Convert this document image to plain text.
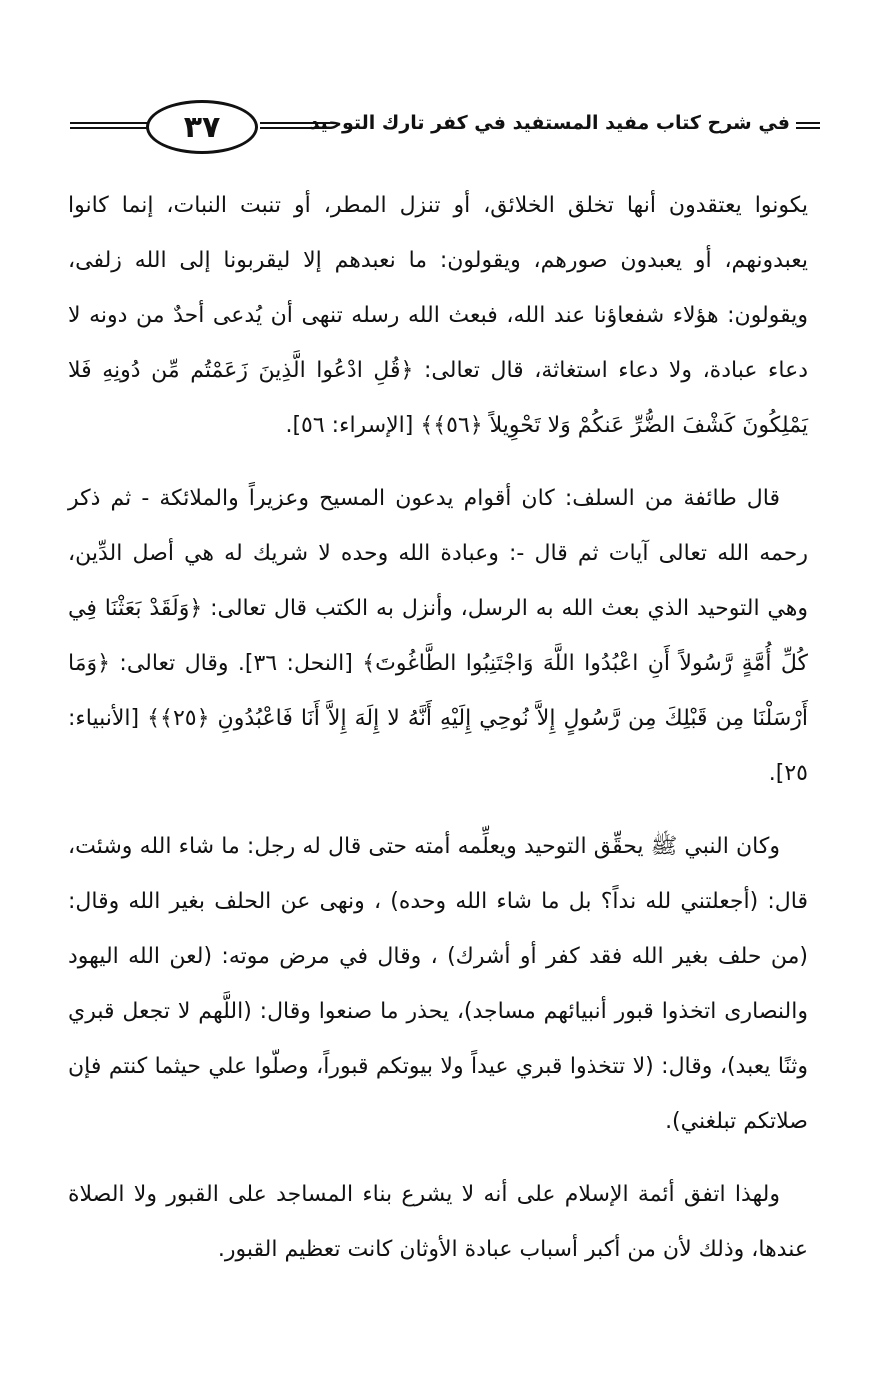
٣٧	في شرح كتاب مفيد المستفيد في كفر تارك التوحيد

يكونوا يعتقدون أنها تخلق الخلائق، أو تنزل المطر، أو تنبت النبات، إنما كانوا يعبدونهم، أو يعبدون صورهم، ويقولون: ما نعبدهم إلا ليقربونا إلى الله زلفى، ويقولون: هؤلاء شفعاؤنا عند الله، فبعث الله رسله تنهى أن يُدعى أحدٌ من دونه لا دعاء عبادة، ولا دعاء استغاثة، قال تعالى: ﴿قُلِ ادْعُوا الَّذِينَ زَعَمْتُم مِّن دُونِهِ فَلا يَمْلِكُونَ كَشْفَ الضُّرِّ عَنكُمْ وَلا تَحْوِيلاً ﴿٥٦﴾﴾ [الإسراء: ٥٦].

قال طائفة من السلف: كان أقوام يدعون المسيح وعزيراً والملائكة - ثم ذكر رحمه الله تعالى آيات ثم قال -: وعبادة الله وحده لا شريك له هي أصل الدِّين، وهي التوحيد الذي بعث الله به الرسل، وأنزل به الكتب قال تعالى: ﴿وَلَقَدْ بَعَثْنَا فِي كُلِّ أُمَّةٍ رَّسُولاً أَنِ اعْبُدُوا اللَّهَ وَاجْتَنِبُوا الطَّاغُوتَ﴾ [النحل: ٣٦]. وقال تعالى: ﴿وَمَا أَرْسَلْنَا مِن قَبْلِكَ مِن رَّسُولٍ إِلاَّ نُوحِي إِلَيْهِ أَنَّهُ لا إِلَهَ إِلاَّ أَنَا فَاعْبُدُونِ ﴿٢٥﴾﴾ [الأنبياء: ٢٥].

وكان النبي ﷺ يحقِّق التوحيد ويعلِّمه أمته حتى قال له رجل: ما شاء الله وشئت، قال: (أجعلتني لله نداً؟ بل ما شاء الله وحده) ، ونهى عن الحلف بغير الله وقال: (من حلف بغير الله فقد كفر أو أشرك) ، وقال في مرض موته: (لعن الله اليهود والنصارى اتخذوا قبور أنبيائهم مساجد)، يحذر ما صنعوا وقال: (اللَّهم لا تجعل قبري وثنًا يعبد)، وقال: (لا تتخذوا قبري عيداً ولا بيوتكم قبوراً، وصلّوا علي حيثما كنتم فإن صلاتكم تبلغني).

ولهذا اتفق أئمة الإسلام على أنه لا يشرع بناء المساجد على القبور ولا الصلاة عندها، وذلك لأن من أكبر أسباب عبادة الأوثان كانت تعظيم القبور.
